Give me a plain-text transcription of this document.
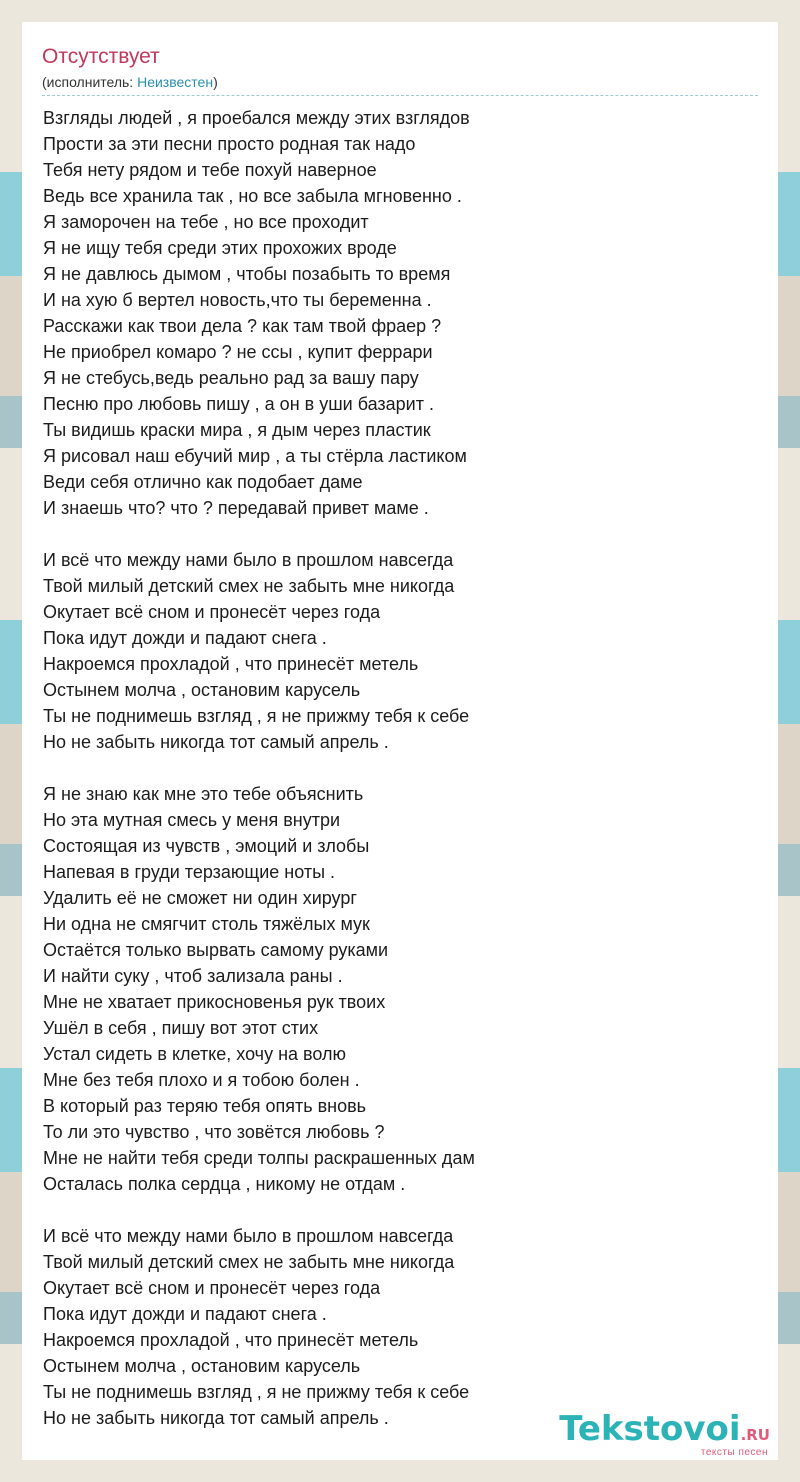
Отсутствует
(исполнитель: Неизвестен)
Взгляды людей , я проебался между этих взглядов
Прости за эти песни просто родная так надо
Тебя нету рядом и тебе похуй наверное
Ведь все хранила так , но все забыла мгновенно .
Я заморочен на тебе , но все проходит
Я не ищу тебя среди этих прохожих вроде
Я не давлюсь дымом , чтобы позабыть то время
И на хую б вертел новость,что ты беременна .
Расскажи как твои дела ? как там твой фраер ?
Не приобрел комаро ? не ссы , купит феррари
Я не стебусь,ведь реально рад за вашу пару
Песню про любовь пишу , а он в уши базарит .
Ты видишь краски мира , я дым через пластик
Я рисовал наш ебучий мир , а ты стёрла ластиком
Веди себя отлично как подобает даме
И знаешь что? что ? передавай привет маме .
И всё что между нами было в прошлом навсегда
Твой милый детский смех не забыть мне никогда
Окутает всё сном и пронесёт через года
Пока идут дожди и падают снега .
Накроемся прохладой , что принесёт метель
Остынем молча , остановим карусель
Ты не поднимешь взгляд , я не прижму тебя к себе
Но не забыть никогда тот самый апрель .
Я не знаю как мне это тебе объяснить
Но эта мутная смесь у меня внутри
Состоящая из чувств , эмоций и злобы
Напевая в груди терзающие ноты .
Удалить её не сможет ни один хирург
Ни одна не смягчит столь тяжёлых мук
Остаётся только вырвать самому руками
И найти суку , чтоб зализала раны .
Мне не хватает прикосновенья рук твоих
Ушёл в себя , пишу вот этот стих
Устал сидеть в клетке, хочу на волю
Мне без тебя плохо и я тобою болен .
В который раз теряю тебя опять вновь
То ли это чувство , что зовётся любовь ?
Мне не найти тебя среди толпы раскрашенных дам
Осталась полка сердца , никому не отдам .
И всё что между нами было в прошлом навсегда
Твой милый детский смех не забыть мне никогда
Окутает всё сном и пронесёт через года
Пока идут дожди и падают снега .
Накроемся прохладой , что принесёт метель
Остынем молча , остановим карусель
Ты не поднимешь взгляд , я не прижму тебя к себе
Но не забыть никогда тот самый апрель .	Tekstovoi.RU
тексты песен
